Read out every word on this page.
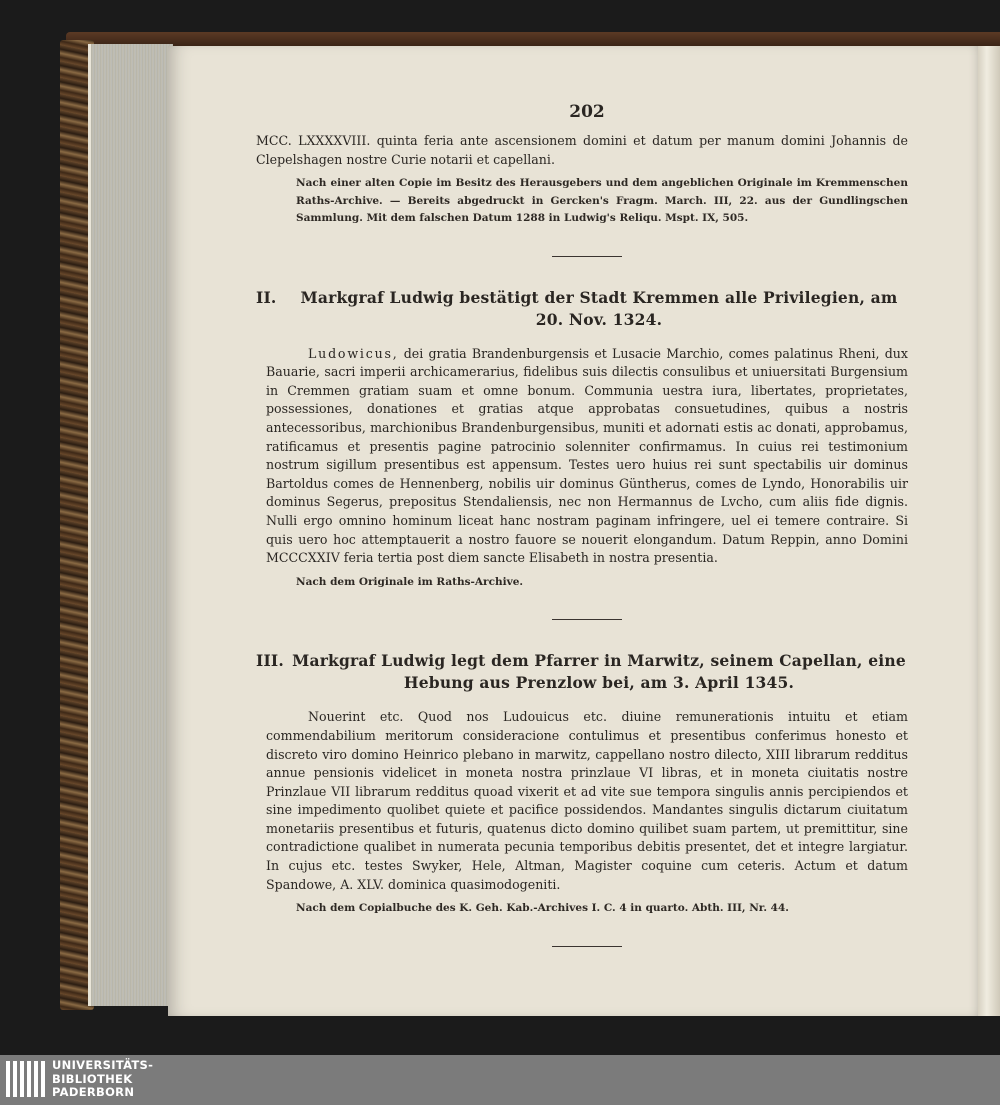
202

MCC. LXXXXVIII. quinta feria ante ascensionem domini et datum per manum domini Johannis de Clepelshagen nostre Curie notarii et capellani.

Nach einer alten Copie im Besitz des Herausgebers und dem angeblichen Originale im Kremmenschen Raths-Archive. — Bereits abgedruckt in Gercken's Fragm. March. III, 22. aus der Gundlingschen Sammlung. Mit dem falschen Datum 1288 in Ludwig's Reliqu. Mspt. IX, 505.

II.	Markgraf Ludwig bestätigt der Stadt Kremmen alle Privilegien, am 20. Nov. 1324.

Ludowicus, dei gratia Brandenburgensis et Lusacie Marchio, comes palatinus Rheni, dux Bauarie, sacri imperii archicamerarius, fidelibus suis dilectis consulibus et uniuersitati Burgensium in Cremmen gratiam suam et omne bonum. Communia uestra iura, libertates, proprietates, possessiones, donationes et gratias atque approbatas consuetudines, quibus a nostris antecessoribus, marchionibus Brandenburgensibus, muniti et adornati estis ac donati, approbamus, ratificamus et presentis pagine patrocinio solenniter confirmamus. In cuius rei testimonium nostrum sigillum presentibus est appensum. Testes uero huius rei sunt spectabilis uir dominus Bartoldus comes de Hennenberg, nobilis uir dominus Güntherus, comes de Lyndo, Honorabilis uir dominus Segerus, prepositus Stendaliensis, nec non Hermannus de Lvcho, cum aliis fide dignis. Nulli ergo omnino hominum liceat hanc nostram paginam infringere, uel ei temere contraire. Si quis uero hoc attemptauerit a nostro fauore se nouerit elongandum. Datum Reppin, anno Domini MCCCXXIV feria tertia post diem sancte Elisabeth in nostra presentia.

Nach dem Originale im Raths-Archive.

III. Markgraf Ludwig legt dem Pfarrer in Marwitz, seinem Capellan, eine Hebung aus Prenzlow bei, am 3. April 1345.

Nouerint etc. Quod nos Ludouicus etc. diuine remunerationis intuitu et etiam commendabilium meritorum consideracione contulimus et presentibus conferimus honesto et discreto viro domino Heinrico plebano in marwitz, cappellano nostro dilecto, XIII librarum redditus annue pensionis videlicet in moneta nostra prinzlaue VI libras, et in moneta ciuitatis nostre Prinzlaue VII librarum redditus quoad vixerit et ad vite sue tempora singulis annis percipiendos et sine impedimento quolibet quiete et pacifice possidendos. Mandantes singulis dictarum ciuitatum monetariis presentibus et futuris, quatenus dicto domino quilibet suam partem, ut premittitur, sine contradictione qualibet in numerata pecunia temporibus debitis presentet, det et integre largiatur. In cujus etc. testes Swyker, Hele, Altman, Magister coquine cum ceteris. Actum et datum Spandowe, A. XLV. dominica quasimodogeniti.

Nach dem Copialbuche des K. Geh. Kab.-Archives I. C. 4 in quarto. Abth. III, Nr. 44.

UNIVERSITÄTS-
BIBLIOTHEK
PADERBORN
